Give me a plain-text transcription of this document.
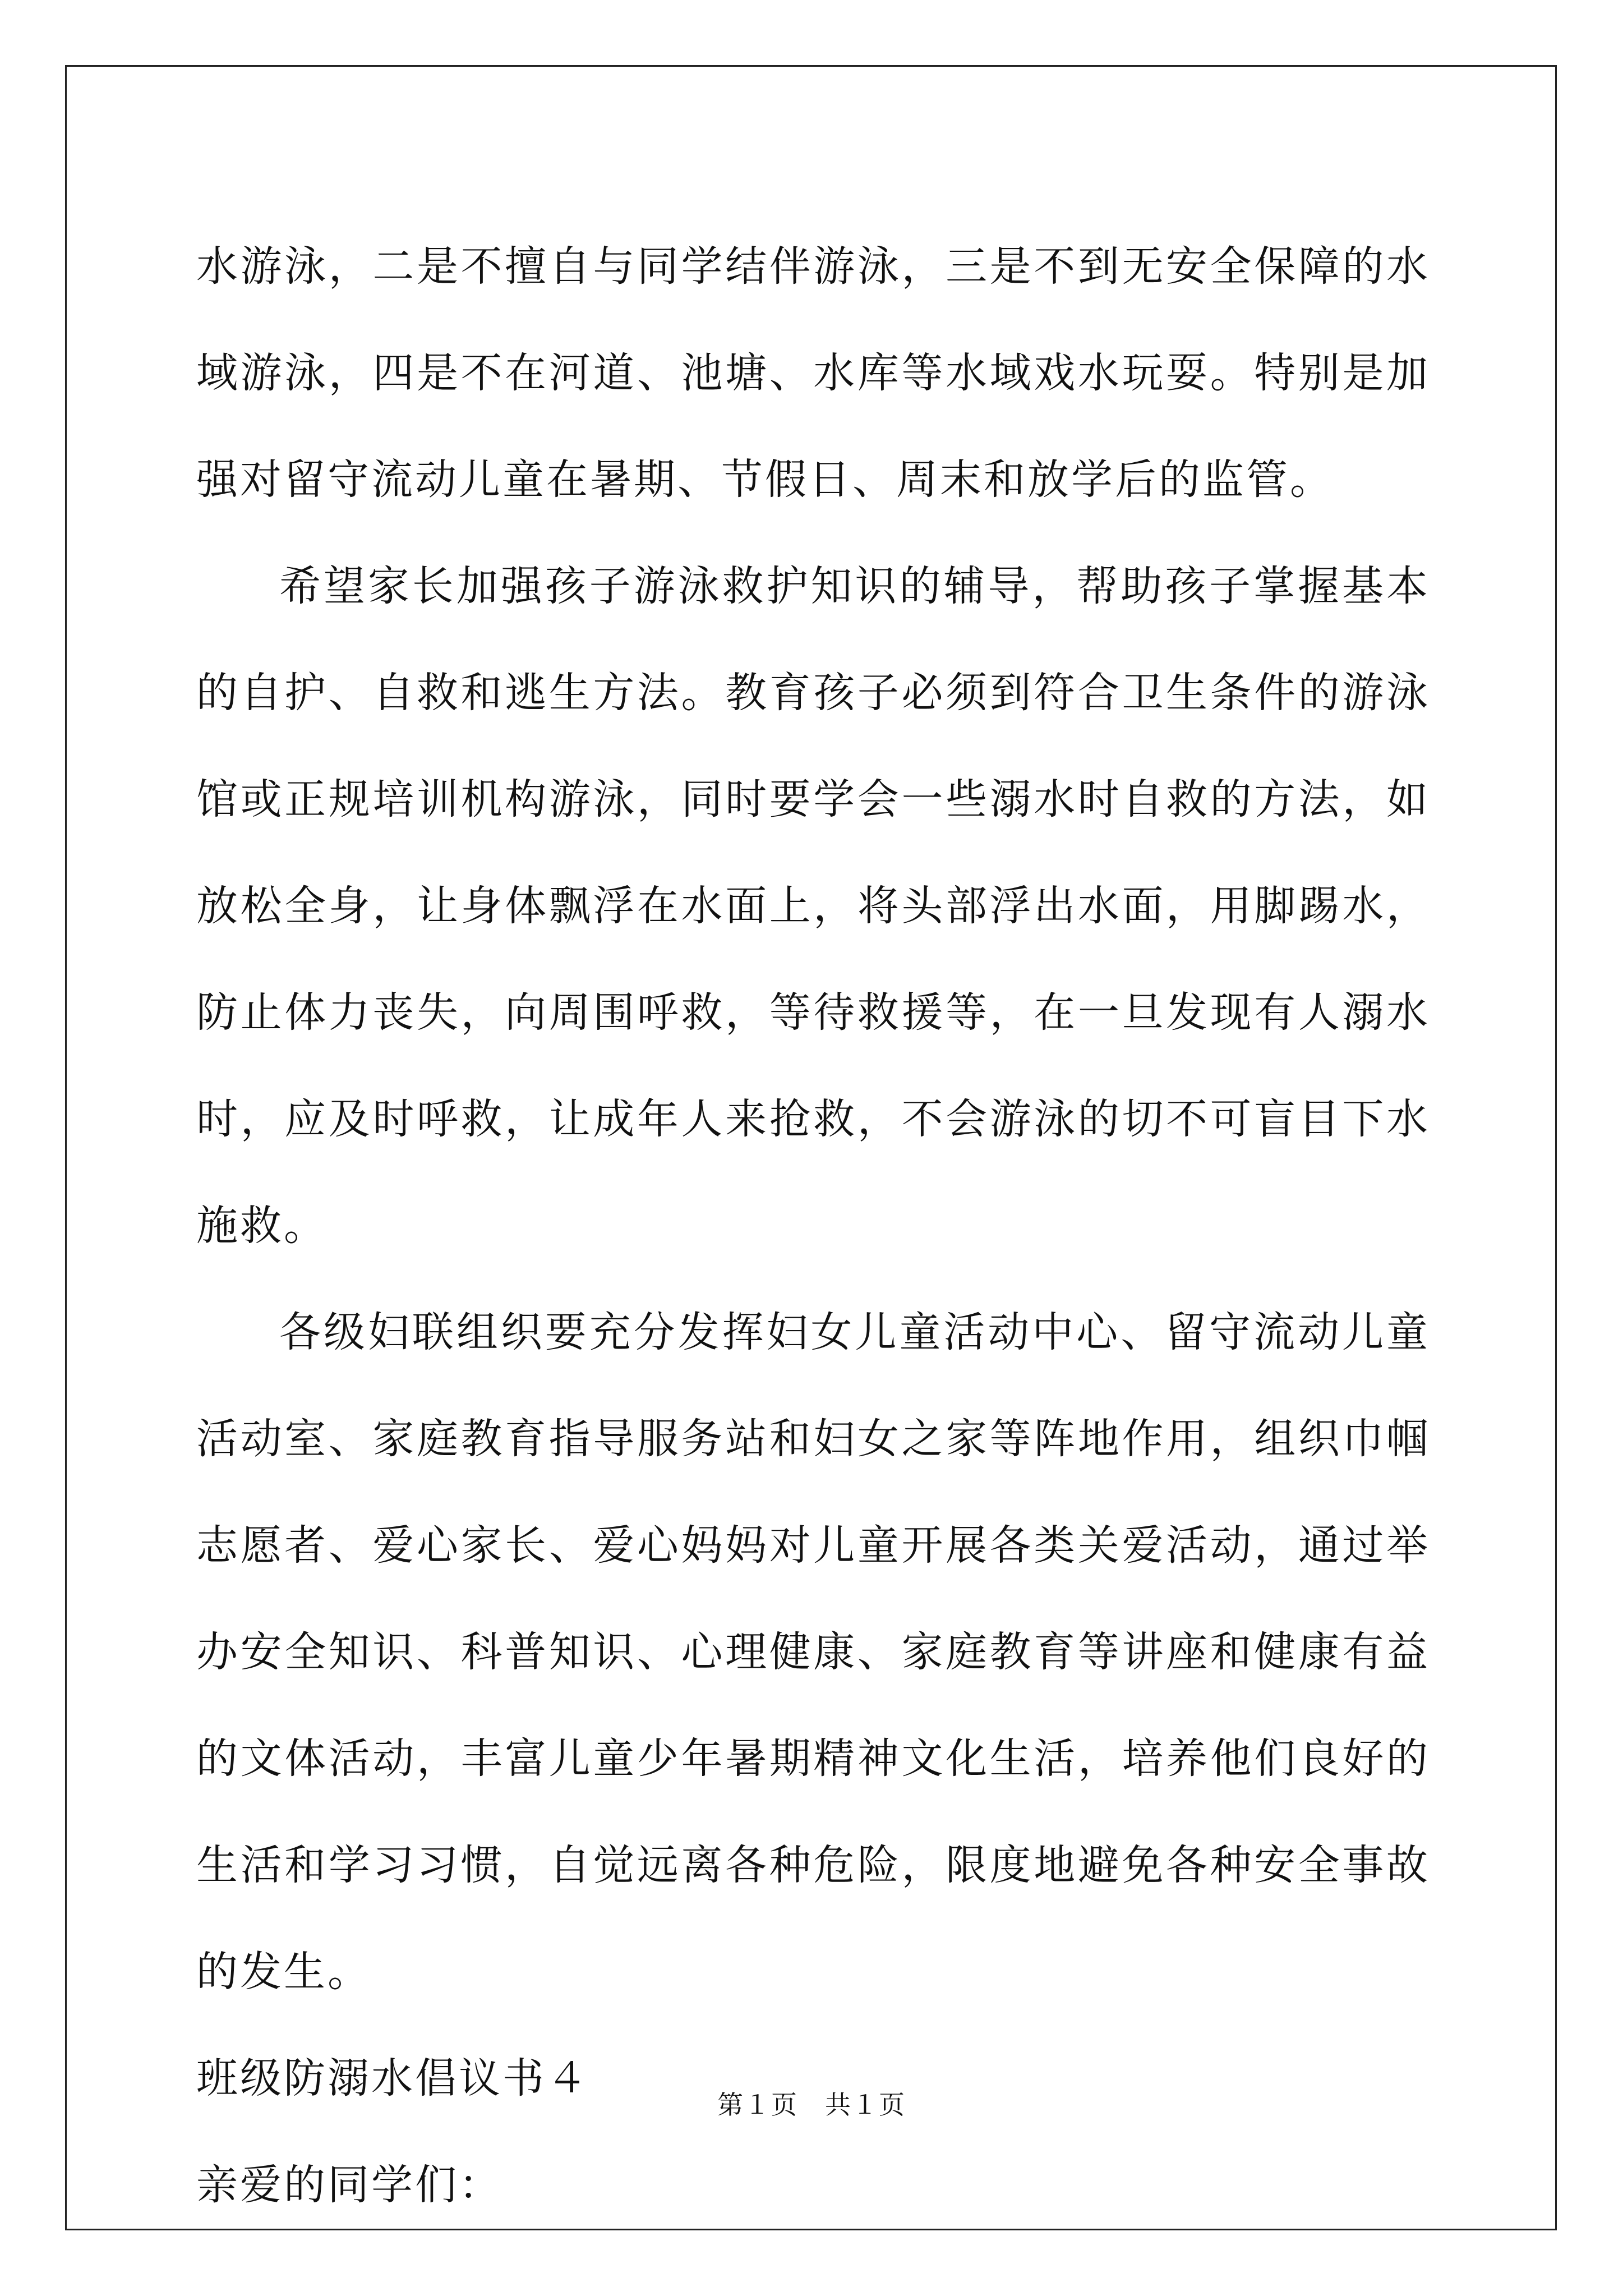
水游泳，二是不擅自与同学结伴游泳，三是不到无安全保障的水域游泳，四是不在河道、池塘、水库等水域戏水玩耍。特别是加强对留守流动儿童在暑期、节假日、周末和放学后的监管。

希望家长加强孩子游泳救护知识的辅导，帮助孩子掌握基本的自护、自救和逃生方法。教育孩子必须到符合卫生条件的游泳馆或正规培训机构游泳，同时要学会一些溺水时自救的方法，如放松全身，让身体飘浮在水面上，将头部浮出水面，用脚踢水，防止体力丧失，向周围呼救，等待救援等，在一旦发现有人溺水时，应及时呼救，让成年人来抢救，不会游泳的切不可盲目下水施救。

各级妇联组织要充分发挥妇女儿童活动中心、留守流动儿童活动室、家庭教育指导服务站和妇女之家等阵地作用，组织巾帼志愿者、爱心家长、爱心妈妈对儿童开展各类关爱活动，通过举办安全知识、科普知识、心理健康、家庭教育等讲座和健康有益的文体活动，丰富儿童少年暑期精神文化生活，培养他们良好的生活和学习习惯，自觉远离各种危险，限度地避免各种安全事故的发生。

班级防溺水倡议书４

亲爱的同学们：

第１页 共１页
